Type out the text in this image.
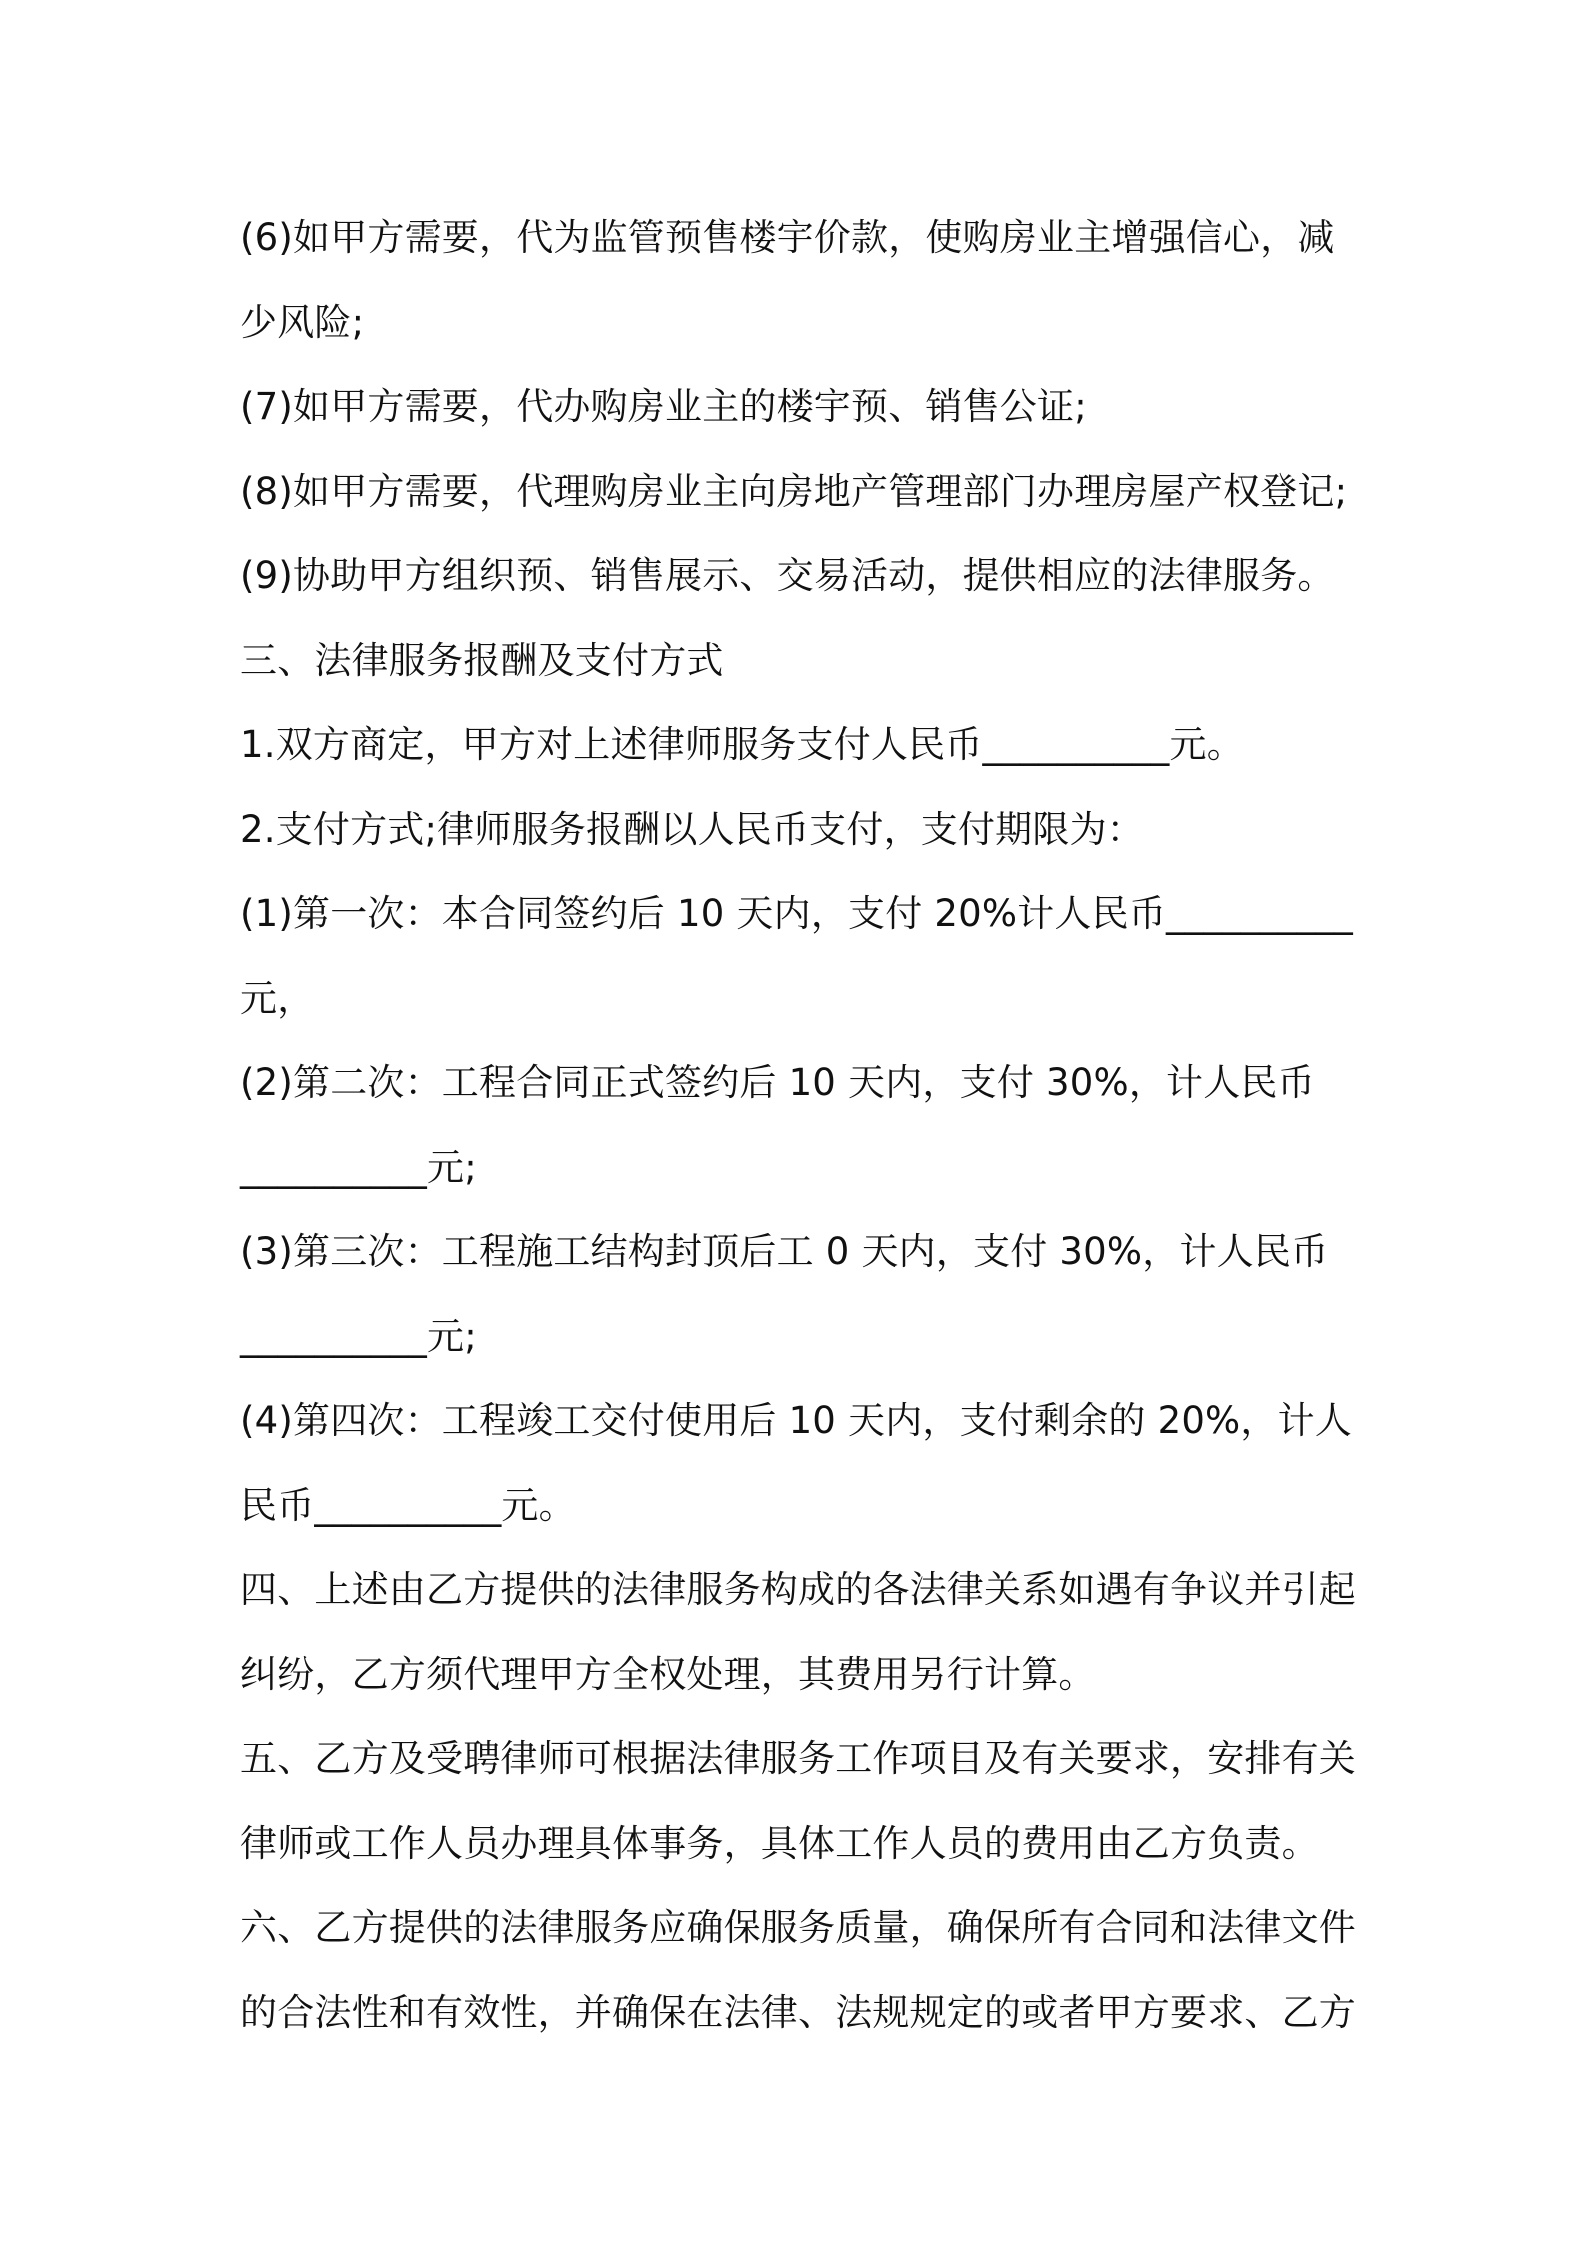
(6)如甲方需要，代为监管预售楼宇价款，使购房业主增强信心，减
少风险;
(7)如甲方需要，代办购房业主的楼宇预、销售公证;
(8)如甲方需要，代理购房业主向房地产管理部门办理房屋产权登记;
(9)协助甲方组织预、销售展示、交易活动，提供相应的法律服务。
三、法律服务报酬及支付方式
1.双方商定，甲方对上述律师服务支付人民币__________元。
2.支付方式;律师服务报酬以人民币支付，支付期限为：
(1)第一次：本合同签约后 10 天内，支付 20%计人民币__________
元，
(2)第二次：工程合同正式签约后 10 天内，支付 30%，计人民币
__________元;
(3)第三次：工程施工结构封顶后工 0 天内，支付 30%，计人民币
__________元;
(4)第四次：工程竣工交付使用后 10 天内，支付剩余的 20%，计人
民币__________元。
四、上述由乙方提供的法律服务构成的各法律关系如遇有争议并引起
纠纷，乙方须代理甲方全权处理，其费用另行计算。
五、乙方及受聘律师可根据法律服务工作项目及有关要求，安排有关
律师或工作人员办理具体事务，具体工作人员的费用由乙方负责。
六、乙方提供的法律服务应确保服务质量，确保所有合同和法律文件
的合法性和有效性，并确保在法律、法规规定的或者甲方要求、乙方
